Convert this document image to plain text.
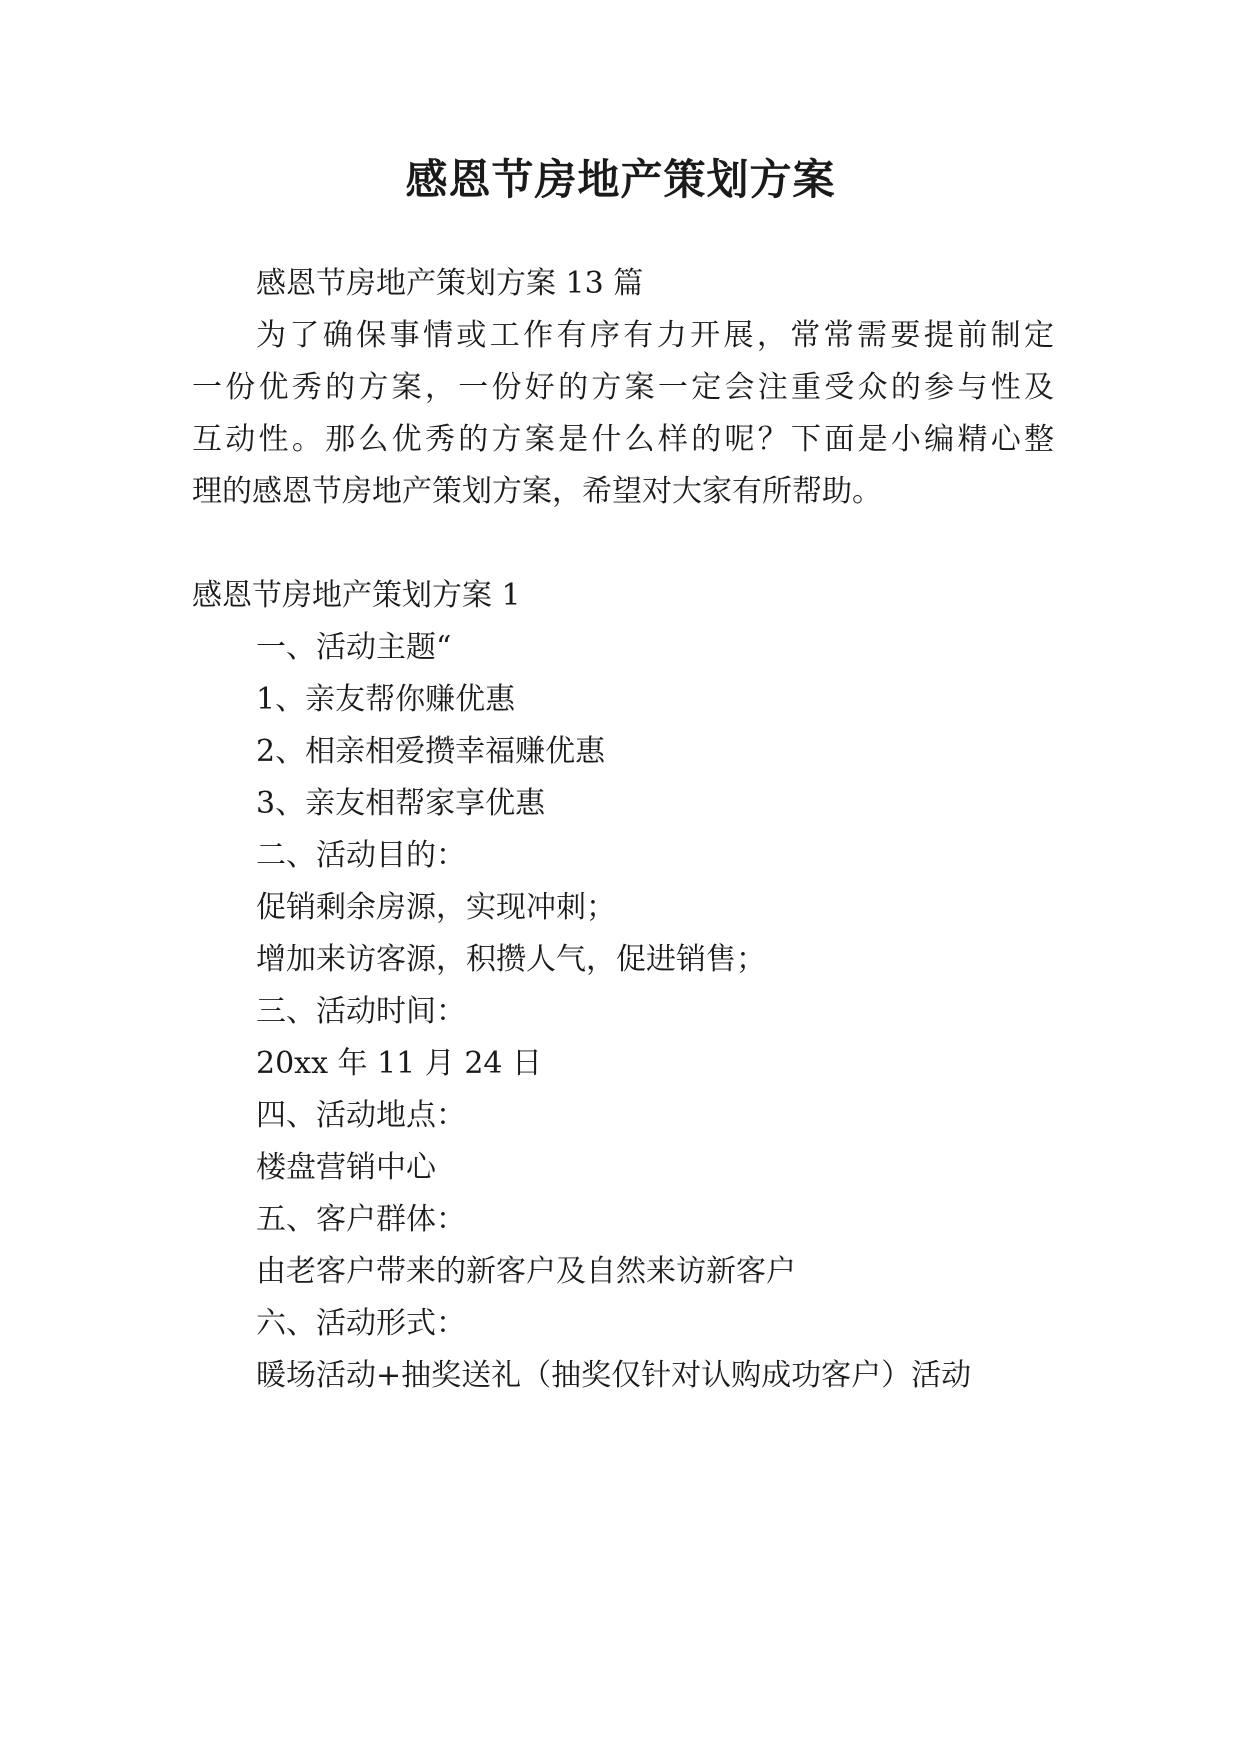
感恩节房地产策划方案

感恩节房地产策划方案 13 篇

为了确保事情或工作有序有力开展，常常需要提前制定

一份优秀的方案，一份好的方案一定会注重受众的参与性及

互动性。那么优秀的方案是什么样的呢？下面是小编精心整

理的感恩节房地产策划方案，希望对大家有所帮助。

感恩节房地产策划方案 1

一、活动主题“

1、亲友帮你赚优惠

2、相亲相爱攒幸福赚优惠

3、亲友相帮家享优惠

二、活动目的：

促销剩余房源，实现冲刺；

增加来访客源，积攒人气，促进销售；

三、活动时间：

20xx 年 11 月 24 日

四、活动地点：

楼盘营销中心

五、客户群体：

由老客户带来的新客户及自然来访新客户

六、活动形式：

暖场活动+抽奖送礼（抽奖仅针对认购成功客户）活动
